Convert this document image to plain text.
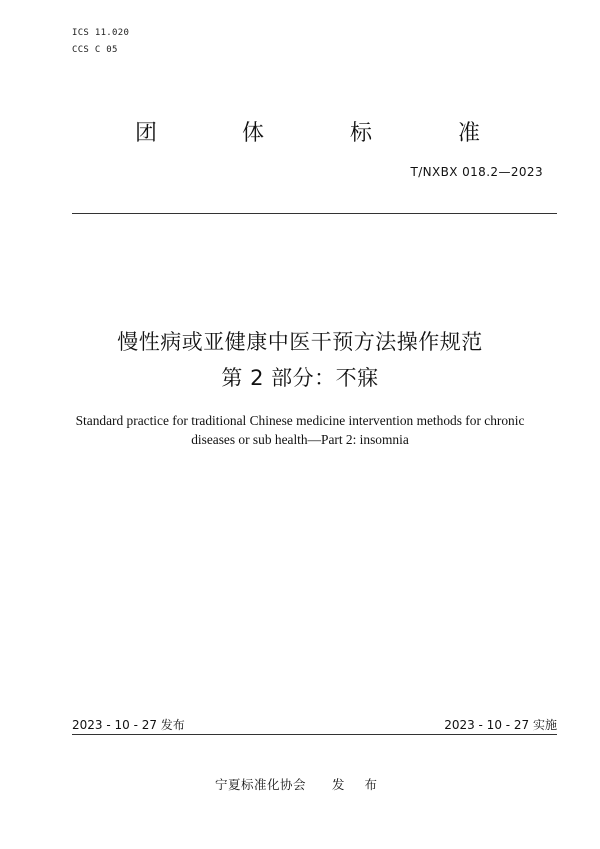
ICS 11.020
CCS C 05
团	体	标	准
T/NXBX 018.2—2023
慢性病或亚健康中医干预方法操作规范
第 2 部分：不寐
Standard practice for traditional Chinese medicine intervention methods for chronic
diseases or sub health—Part 2: insomnia
2023 - 10 - 27 发布	2023 - 10 - 27 实施
宁夏标准化协会 发 布
